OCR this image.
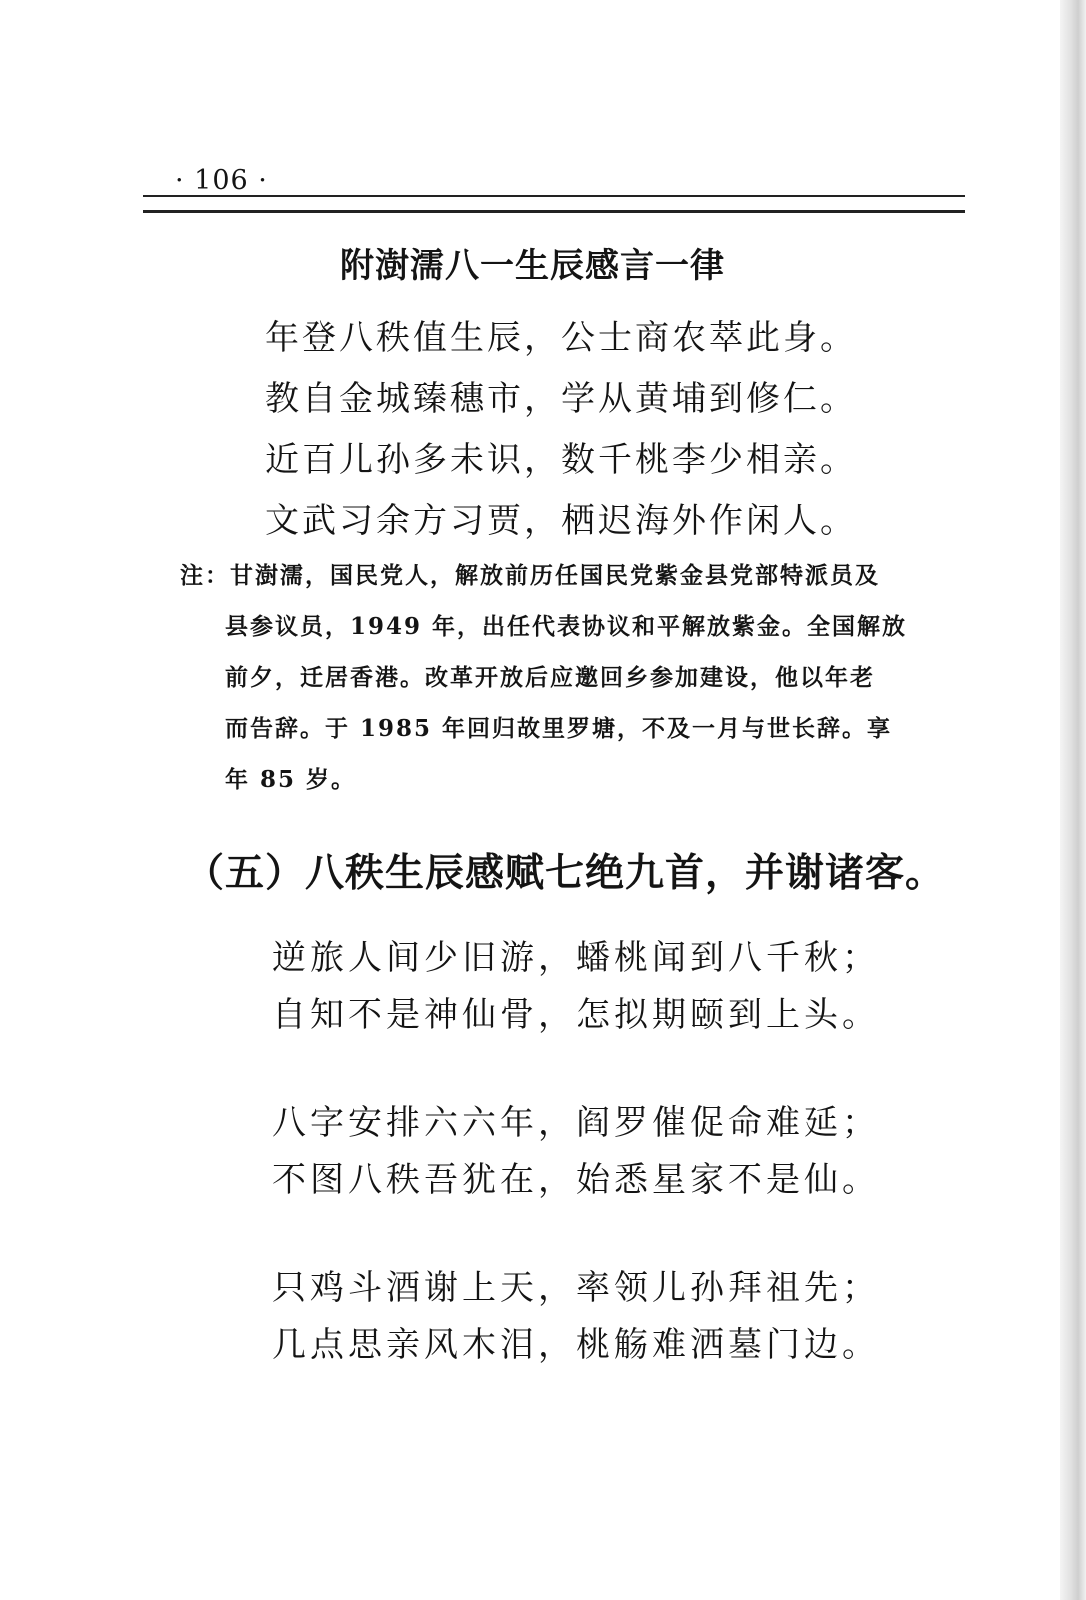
· 106 ·
附澍濡八一生辰感言一律
年登八秩值生辰，公士商农萃此身。
教自金城臻穗市，学从黄埔到修仁。
近百儿孙多未识，数千桃李少相亲。
文武习余方习贾，栖迟海外作闲人。
注：甘澍濡，国民党人，解放前历任国民党紫金县党部特派员及
县参议员，1949 年，出任代表协议和平解放紫金。全国解放
前夕，迁居香港。改革开放后应邀回乡参加建设，他以年老
而告辞。于 1985 年回归故里罗塘，不及一月与世长辞。享
年 85 岁。
（五）八秩生辰感赋七绝九首，并谢诸客。
逆旅人间少旧游，蟠桃闻到八千秋；
自知不是神仙骨，怎拟期颐到上头。
八字安排六六年，阎罗催促命难延；
不图八秩吾犹在，始悉星家不是仙。
只鸡斗酒谢上天，率领儿孙拜祖先；
几点思亲风木泪，桃觞难洒墓门边。
